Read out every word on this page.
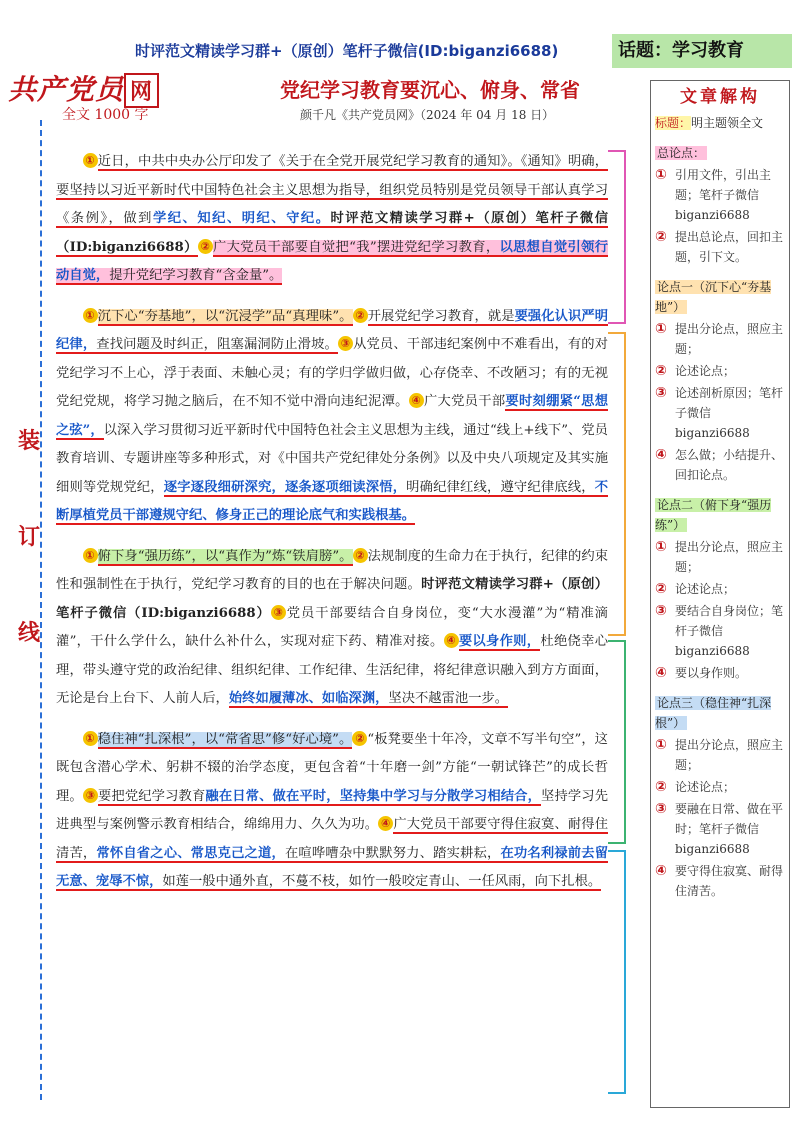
时评范文精读学习群+（原创）笔杆子微信(ID:biganzi6688)	话题：学习教育
共产党员 网	党纪学习教育要沉心、俯身、常省
颜千凡《共产党员网》（2024 年 04 月 18 日）
全文 1000 字
装
订
线

① 近日，中共中央办公厅印发了《关于在全党开展党纪学习教育的通知》。《通知》明确，要坚持以习近平新时代中国特色社会主义思想为指导，组织党员特别是党员领导干部认真学习《条例》，做到学纪、知纪、明纪、守纪。时评范文精读学习群+（原创）笔杆子微信（ID:biganzi6688） ② 广大党员干部要自觉把“我”摆进党纪学习教育，以思想自觉引领行动自觉，提升党纪学习教育“含金量”。

① 沉下心“夯基地”，以“沉浸学”品“真理味”。 ② 开展党纪学习教育，就是要强化认识严明纪律，查找问题及时纠正，阻塞漏洞防止滑坡。 ③ 从党员、干部违纪案例中不难看出，有的对党纪学习不上心，浮于表面、未触心灵；有的学归学做归做，心存侥幸、不改陋习；有的无视党纪党规，将学习抛之脑后，在不知不觉中滑向违纪泥潭。 ④ 广大党员干部要时刻绷紧“思想之弦”，以深入学习贯彻习近平新时代中国特色社会主义思想为主线，通过“线上+线下”、党员教育培训、专题讲座等多种形式，对《中国共产党纪律处分条例》以及中央八项规定及其实施细则等党规党纪，逐字逐段细研深究，逐条逐项细读深悟，明确纪律红线，遵守纪律底线，不断厚植党员干部遵规守纪、修身正己的理论底气和实践根基。

① 俯下身“强历练”，以“真作为”炼“铁肩膀”。 ② 法规制度的生命力在于执行，纪律的约束性和强制性在于执行，党纪学习教育的目的也在于解决问题。时评范文精读学习群+（原创）笔杆子微信（ID:biganzi6688） ③ 党员干部要结合自身岗位，变“大水漫灌”为“精准滴灌”，干什么学什么，缺什么补什么，实现对症下药、精准对接。 ④ 要以身作则，杜绝侥幸心理，带头遵守党的政治纪律、组织纪律、工作纪律、生活纪律，将纪律意识融入到方方面面，无论是台上台下、人前人后，始终如履薄冰、如临深渊，坚决不越雷池一步。

① 稳住神“扎深根”，以“常省思”修“好心境”。 ② “板凳要坐十年冷，文章不写半句空”，这既包含潜心学术、躬耕不辍的治学态度，更包含着“十年磨一剑”方能“一朝试锋芒”的成长哲理。 ③ 要把党纪学习教育融在日常、做在平时，坚持集中学习与分散学习相结合，坚持学习先进典型与案例警示教育相结合，绵绵用力、久久为功。 ④ 广大党员干部要守得住寂寞、耐得住清苦，常怀自省之心、常思克己之道，在喧哗嘈杂中默默努力、踏实耕耘，在功名利禄前去留无意、宠辱不惊，如莲一般中通外直，不蔓不枝，如竹一般咬定青山、一任风雨，向下扎根。

文章解构
标题：明主题领全文
总论点：
① 引用文件，引出主题；笔杆子微信 biganzi6688
② 提出总论点，回扣主题，引下文。
论点一（沉下心“夯基地”）
① 提出分论点，照应主题；
② 论述论点；
③ 论述剖析原因；笔杆子微信 biganzi6688
④ 怎么做；小结提升、回扣论点。
论点二（俯下身“强历练”）
① 提出分论点，照应主题；
② 论述论点；
③ 要结合自身岗位；笔杆子微信 biganzi6688
④ 要以身作则。
论点三（稳住神“扎深根”）
① 提出分论点，照应主题；
② 论述论点；
③ 要融在日常、做在平时；笔杆子微信 biganzi6688
④ 要守得住寂寞、耐得住清苦。
